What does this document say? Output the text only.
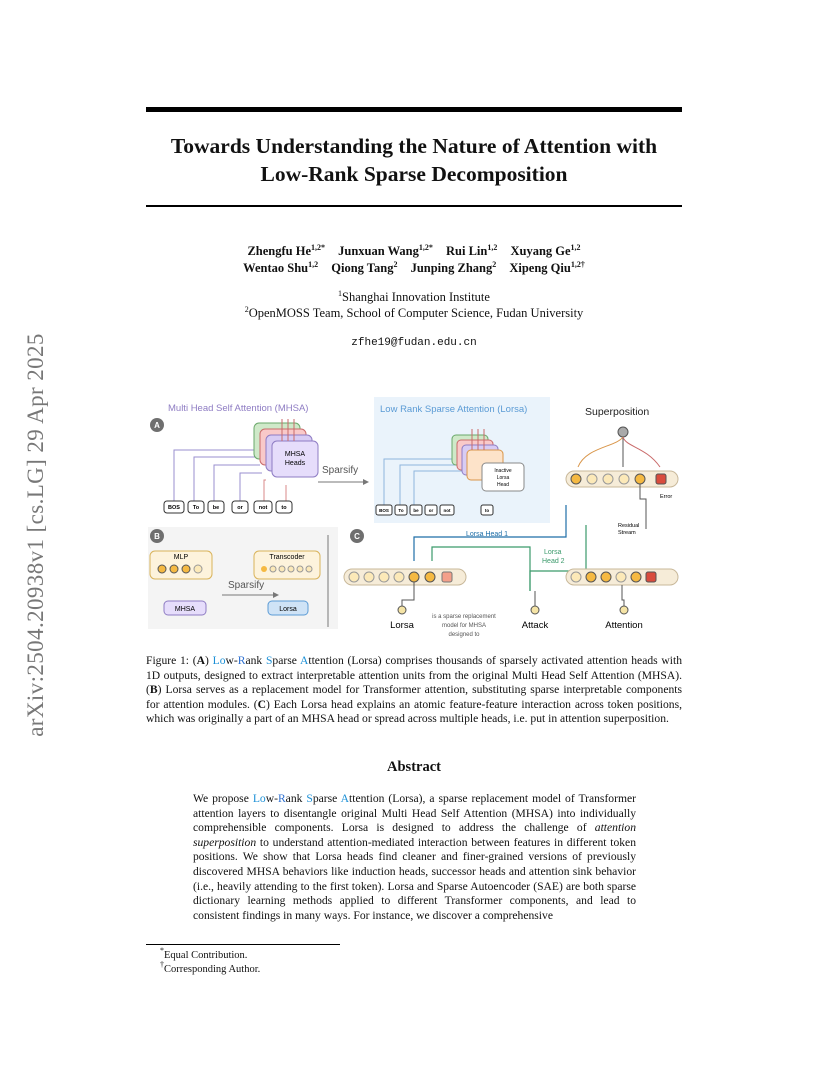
Towards Understanding the Nature of Attention with
Low-Rank Sparse Decomposition
Zhengfu $He^{1,2*}$ Junxuan Wang$^{1,2*}$ Rui Lin$^{1,2}$ Xuyang Ge$^{1,2}$
Wentao Shu$^{1,2}$ Qiong Tang$^2$ Junping Zhang$^2$ Xipeng Qiu$^{1,2\dagger}$
$^1$Shanghai Innovation Institute
$^2$OpenMOSS Team, School of Computer Science, Fudan University
zfhe19@fudan.edu.cn
arXiv:2504.20938v1 [cs.LG] 29 Apr 2025	Multi Head Self Attention (MHSA)
A
MHSA
Heads
BOS To be	or	not	to
Sparsify
Low Rank Sparse Attention (Lorsa)
Inactive
Lorsa
Head
BOS To be or not	to
Superposition
Error
Residual
Stream
B
MLP	Transcoder
Sparsify
MHSA	Lorsa
C	Lorsa Head 1
Lorsa
Head 2
Lorsa
is a sparse replacement
model for MHSA
designed to
Attack	Attention
Figure 1: (A) Low-Rank Sparse Attention (Lorsa) comprises thousands of sparsely activated attention heads with 1D outputs, designed to extract interpretable attention units from the original Multi Head Self Attention (MHSA). (B) Lorsa serves as a replacement model for Transformer attention, substituting sparse interpretable components for attention modules. (C) Each Lorsa head explains an atomic feature-feature interaction across token positions, which was originally a part of an MHSA head or spread across multiple heads, i.e. put in attention superposition.
Abstract
We propose Low-Rank Sparse Attention (Lorsa), a sparse replacement model of Transformer attention layers to disentangle original Multi Head Self Attention (MHSA) into individually comprehensible components. Lorsa is designed to address the challenge of attention superposition to understand attention-mediated interaction between features in different token positions. We show that Lorsa heads find cleaner and finer-grained versions of previously discovered MHSA behaviors like induction heads, successor heads and attention sink behavior (i.e., heavily attending to the first token). Lorsa and Sparse Autoencoder (SAE) are both sparse dictionary learning methods applied to different Transformer components, and lead to consistent findings in many ways. For instance, we discover a comprehensive
*Equal Contribution.
†Corresponding Author.
